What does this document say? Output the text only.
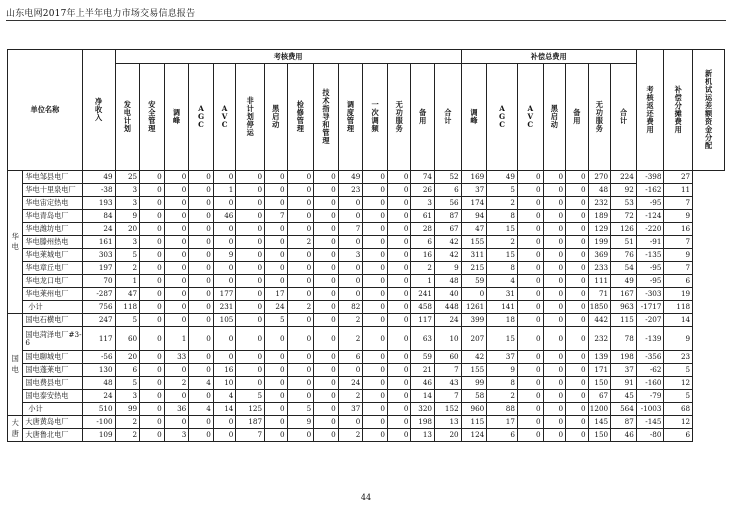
山东电网2017年上半年电力市场交易信息报告
单位名称		净收入	考核费用														补偿总费用							考核返还费用	补偿分摊费用	新机试运差额资金分配

			发电计划	安全管理	调峰	AGC	AVC	非计划停运	黑启动	检修管理	技术指导和管理	调度管理	一次调频	无功服务	备用	合计	调峰	AGC	AVC	黑启动	备用	无功服务	合计			

华电	华电邹县电厂	49	25	0	0	0	0	0	0	0	0	49	0	0	74	52	169	49	0	0	0	270	224	-398	27	
	华电十里泉电厂	-38	3	0	0	0	1	0	0	0	0	23	0	0	26	6	37	5	0	0	0	48	92	-162	11	
	华电宙定热电	193	3	0	0	0	0	0	0	0	0	0	0	0	3	56	174	2	0	0	0	232	53	-95	7	
	华电青岛电厂	84	9	0	0	0	46	0	7	0	0	0	0	0	61	87	94	8	0	0	0	189	72	-124	9	
	华电潍坊电厂	24	20	0	0	0	0	0	0	0	0	7	0	0	28	67	47	15	0	0	0	129	126	-220	16	
	华电滕州热电	161	3	0	0	0	0	0	0	2	0	0	0	0	6	42	155	2	0	0	0	199	51	-91	7	
	华电莱城电厂	303	5	0	0	0	9	0	0	0	0	3	0	0	16	42	311	15	0	0	0	369	76	-135	9	
	华电章丘电厂	197	2	0	0	0	0	0	0	0	0	0	0	0	2	9	215	8	0	0	0	233	54	-95	7	
	华电龙口电厂	70	1	0	0	0	0	0	0	0	0	0	0	0	1	48	59	4	0	0	0	111	49	-95	6	
	华电莱州电厂	-287	47	0	0	0	177	0	17	0	0	0	0	0	241	40	0	31	0	0	0	71	167	-303	19	
	小计	756	118	0	0	0	231	0	24	2	0	82	0	0	458	448	1261	141	0	0	0	1850	963	-1717	118	

国电	国电石横电厂	247	5	0	0	0	105	0	5	0	0	2	0	0	117	24	399	18	0	0	0	442	115	-207	14	
	国电菏泽电厂#3-6	117	60	0	1	0	0	0	0	0	0	2	0	0	63	10	207	15	0	0	0	232	78	-139	9	
	国电聊城电厂	-56	20	0	33	0	0	0	0	0	0	6	0	0	59	60	42	37	0	0	0	139	198	-356	23	
	国电蓬莱电厂	130	6	0	0	0	16	0	0	0	0	0	0	0	21	7	155	9	0	0	0	171	37	-62	5	
	国电费县电厂	48	5	0	2	4	10	0	0	0	0	24	0	0	46	43	99	8	0	0	0	150	91	-160	12	
	国电泰安热电	24	3	0	0	0	4	5	0	0	0	2	0	0	14	7	58	2	0	0	0	67	45	-79	5	
	小计	510	99	0	36	4	14	125	0	5	0	37	0	0	320	152	960	88	0	0	0	1200	564	-1003	68	

大唐	大唐黄岛电厂	-100	2	0	0	0	0	187	0	9	0	0	0	0	198	13	115	17	0	0	0	145	87	-145	12	
	大唐鲁北电厂	109	2	0	3	0	0	7	0	0	0	2	0	0	13	20	124	6	0	0	0	150	46	-80	6	
44
